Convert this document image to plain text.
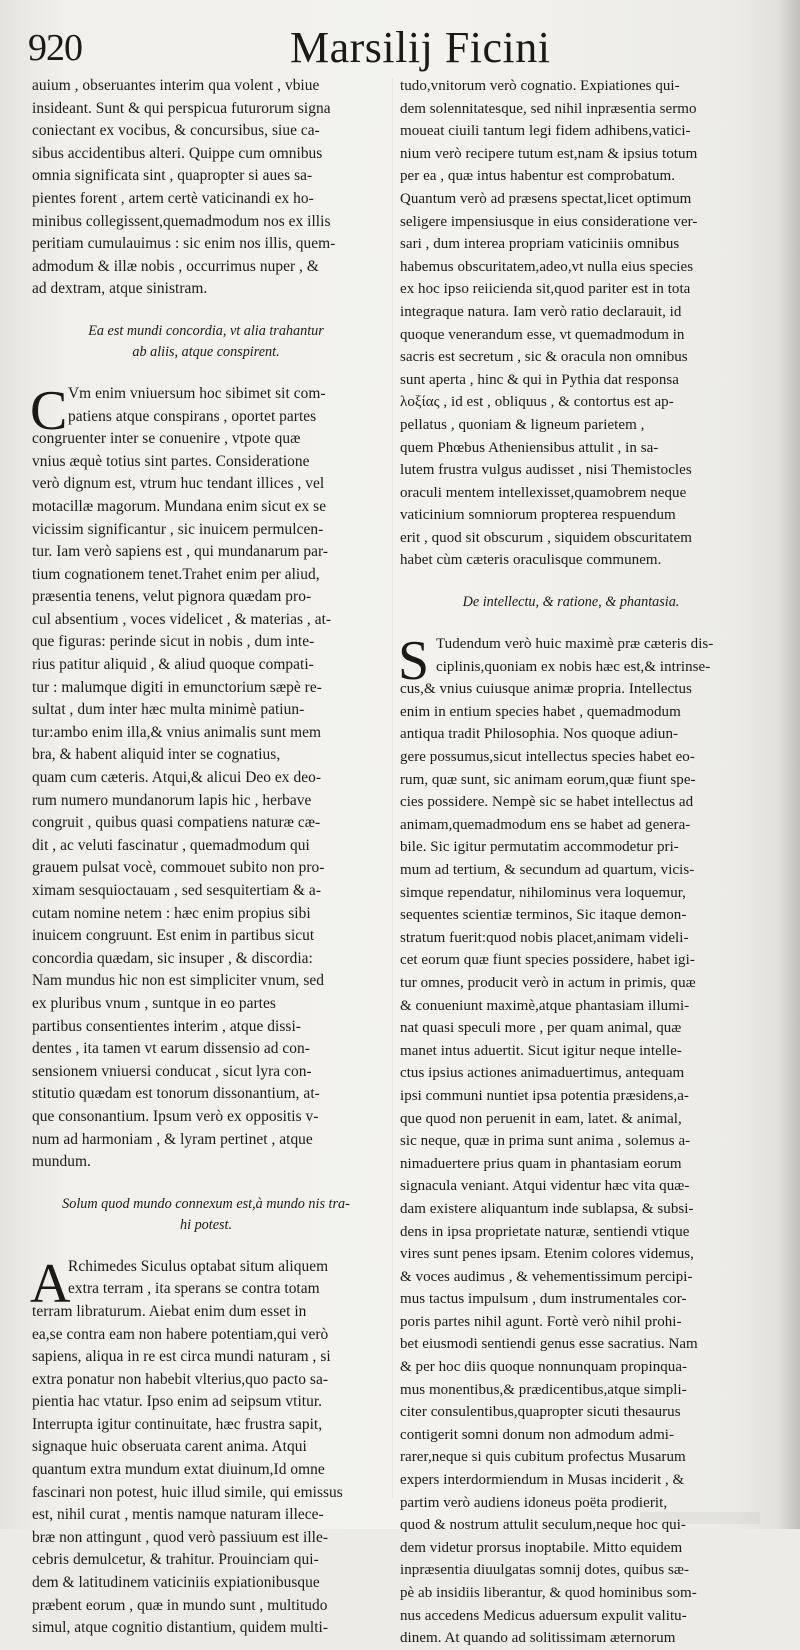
920	Marsilij Ficini
auium , obseruantes interim qua volent , vbiue
insideant. Sunt & qui perspicua futurorum signa
coniectant ex vocibus, & concursibus, siue ca-
sibus accidentibus alteri. Quippe cum omnibus
omnia significata sint , quapropter si aues sa-
pientes forent , artem certè vaticinandi ex ho-
minibus collegissent,quemadmodum nos ex illis
peritiam cumulauimus : sic enim nos illis, quem-
admodum & illæ nobis , occurrimus nuper , &
ad dextram, atque sinistram.
Ea est mundi concordia, vt alia trahantur
ab aliis, atque conspirent.
C Vm enim vniuersum hoc sibimet sit com-
patiens atque conspirans , oportet partes
congruenter inter se conuenire , vtpote quæ
vnius æquè totius sint partes. Consideratione
verò dignum est, vtrum huc tendant illices , vel
motacillæ magorum. Mundana enim sicut ex se
vicissim significantur , sic inuicem permulcen-
tur. Iam verò sapiens est , qui mundanarum par-
tium cognationem tenet.Trahet enim per aliud,
præsentia tenens, velut pignora quædam pro-
cul absentium , voces videlicet , & materias , at-
que figuras: perinde sicut in nobis , dum inte-
rius patitur aliquid , & aliud quoque compati-
tur : malumque digiti in emunctorium sæpè re-
sultat , dum inter hæc multa minimè patiun-
tur:ambo enim illa,& vnius animalis sunt mem
bra, & habent aliquid inter se cognatius,
quam cum cæteris. Atqui,& alicui Deo ex deo-
rum numero mundanorum lapis hic , herbave
congruit , quibus quasi compatiens naturæ cæ-
dit , ac veluti fascinatur , quemadmodum qui
grauem pulsat vocè, commouet subito non pro-
ximam sesquioctauam , sed sesquitertiam & a-
cutam nomine netem : hæc enim propius sibi
inuicem congruunt. Est enim in partibus sicut
concordia quædam, sic insuper , & discordia:
Nam mundus hic non est simpliciter vnum, sed
ex pluribus vnum , suntque in eo partes
partibus consentientes interim , atque dissi-
dentes , ita tamen vt earum dissensio ad con-
sensionem vniuersi conducat , sicut lyra con-
stitutio quædam est tonorum dissonantium, at-
que consonantium. Ipsum verò ex oppositis v-
num ad harmoniam , & lyram pertinet , atque
mundum.
Solum quod mundo connexum est,à mundo nis tra-
hi potest.
A
Rchimedes Siculus optabat situm aliquem
extra terram , ita sperans se contra totam
terram libraturum. Aiebat enim dum esset in
ea,se contra eam non habere potentiam,qui verò
sapiens, aliqua in re est circa mundi naturam , si
extra ponatur non habebit vlterius,quo pacto sa-
pientia hac vtatur. Ipso enim ad seipsum vtitur.
Interrupta igitur continuitate, hæc frustra sapit,
signaque huic obseruata carent anima. Atqui
quantum extra mundum extat diuinum,Id omne
fascinari non potest, huic illud simile, qui emissus
est, nihil curat , mentis namque naturam illece-
bræ non attingunt , quod verò passiuum est ille-
cebris demulcetur, & trahitur. Prouinciam qui-
dem & latitudinem vaticiniis expiationibusque
præbent eorum , quæ in mundo sunt , multitudo
simul, atque cognitio distantium, quidem multi-
tudo,vnitorum verò cognatio. Expiationes qui-
dem solennitatesque, sed nihil inpræsentia sermo
moueat ciuili tantum legi fidem adhibens,vatici-
nium verò recipere tutum est,nam & ipsius totum
per ea , quæ intus habentur est comprobatum.
Quantum verò ad præsens spectat,licet optimum
seligere impensiusque in eius consideratione ver-
sari , dum interea propriam vaticiniis omnibus
habemus obscuritatem,adeo,vt nulla eius species
ex hoc ipso reiicienda sit,quod pariter est in tota
integraque natura. Iam verò ratio declarauit, id
quoque venerandum esse, vt quemadmodum in
sacris est secretum , sic & oracula non omnibus
sunt aperta , hinc & qui in Pythia dat responsa
λοξίας , id est , obliquus , & contortus est ap-
pellatus , quoniam & ligneum parietem ,
quem Phœbus Atheniensibus attulit , in sa-
lutem frustra vulgus audisset , nisi Themistocles
oraculi mentem intellexisset,quamobrem neque
vaticinium somniorum propterea respuendum
erit , quod sit obscurum , siquidem obscuritatem
habet cùm cæteris oraculisque communem.
De intellectu, & ratione, & phantasia.
S Tudendum verò huic maximè præ cæteris dis-
ciplinis,quoniam ex nobis hæc est,& intrinse-
cus,& vnius cuiusque animæ propria. Intellectus
enim in entium species habet , quemadmodum
antiqua tradit Philosophia. Nos quoque adiun-
gere possumus,sicut intellectus species habet eo-
rum, quæ sunt, sic animam eorum,quæ fiunt spe-
cies possidere. Nempè sic se habet intellectus ad
animam,quemadmodum ens se habet ad genera-
bile. Sic igitur permutatim accommodetur pri-
mum ad tertium, & secundum ad quartum, vicis-
simque rependatur, nihilominus vera loquemur,
sequentes scientiæ terminos, Sic itaque demon-
stratum fuerit:quod nobis placet,animam videli-
cet eorum quæ fiunt species possidere, habet igi-
tur omnes, producit verò in actum in primis, quæ
& conueniunt maximè,atque phantasiam illumi-
nat quasi speculi more , per quam animal, quæ
manet intus aduertit. Sicut igitur neque intelle-
ctus ipsius actiones animaduertimus, antequam
ipsi communi nuntiet ipsa potentia præsidens,a-
que quod non peruenit in eam, latet. & animal,
sic neque, quæ in prima sunt anima , solemus a-
nimaduertere prius quam in phantasiam eorum
signacula veniant. Atqui videntur hæc vita quæ-
dam existere aliquantum inde sublapsa, & subsi-
dens in ipsa proprietate naturæ, sentiendi vtique
vires sunt penes ipsam. Etenim colores videmus,
& voces audimus , & vehementissimum percipi-
mus tactus impulsum , dum instrumentales cor-
poris partes nihil agunt. Fortè verò nihil prohi-
bet eiusmodi sentiendi genus esse sacratius. Nam
& per hoc diis quoque nonnunquam propinqua-
mus monentibus,& prædicentibus,atque simpli-
citer consulentibus,quapropter sicuti thesaurus
contigerit somni donum non admodum admi-
rarer,neque si quis cubitum profectus Musarum
expers interdormiendum in Musas inciderit , &
partim verò audiens idoneus poëta prodierit,
quod & nostrum attulit seculum,neque hoc qui-
dem videtur prorsus inoptabile. Mitto equidem
inpræsentia diuulgatas somnij dotes, quibus sæ-
pè ab insidiis liberantur, & quod hominibus som-
nus accedens Medicus aduersum expulit valitu-
dinem. At quando ad solitissimam æternorum
